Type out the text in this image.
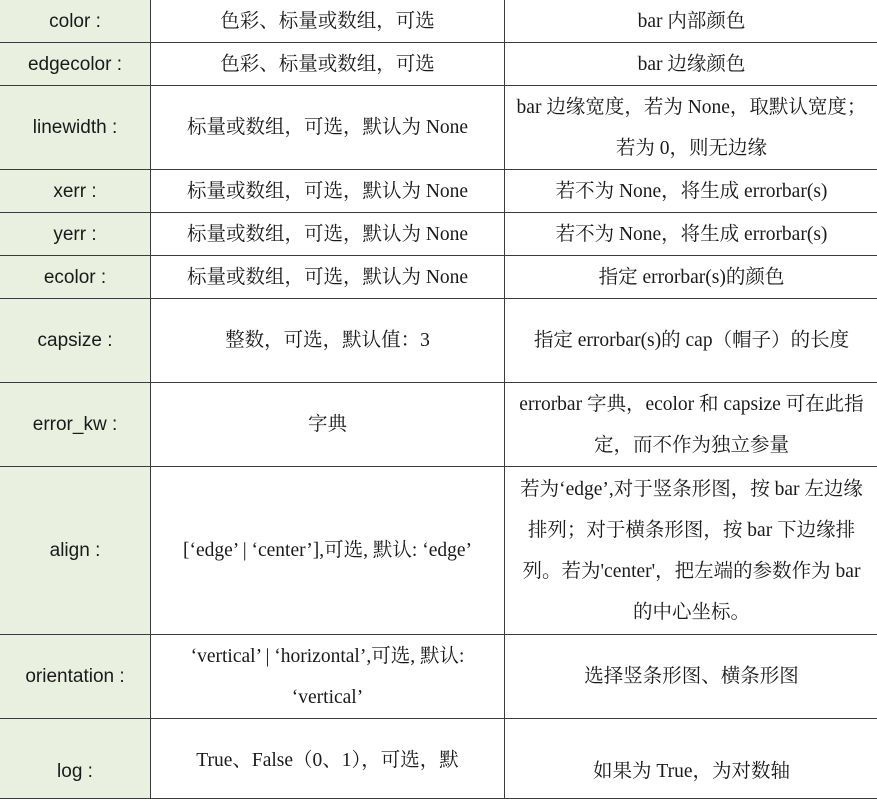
color :	色彩、标量或数组，可选	bar 内部颜色
edgecolor :	色彩、标量或数组，可选	bar 边缘颜色
linewidth :	标量或数组，可选，默认为 None	bar 边缘宽度，若为 None，取默认宽度；若为 0，则无边缘
xerr :	标量或数组，可选，默认为 None	若不为 None，将生成 errorbar(s)
yerr :	标量或数组，可选，默认为 None	若不为 None，将生成 errorbar(s)
ecolor :	标量或数组，可选，默认为 None	指定 errorbar(s)的颜色
capsize :	整数，可选，默认值：3	指定 errorbar(s)的 cap（帽子）的长度
error_kw :	字典	errorbar 字典，ecolor 和 capsize 可在此指定，而不作为独立参量
align :	[‘edge’ | ‘center’],可选, 默认: ‘edge’	若为‘edge’,对于竖条形图，按 bar 左边缘排列；对于横条形图，按 bar 下边缘排列。若为'center'，把左端的参数作为 bar 的中心坐标。
orientation :	‘vertical’ | ‘horizontal’,可选, 默认: ‘vertical’	选择竖条形图、横条形图
log :	True、False（0、1），可选，默	如果为 True，为对数轴
